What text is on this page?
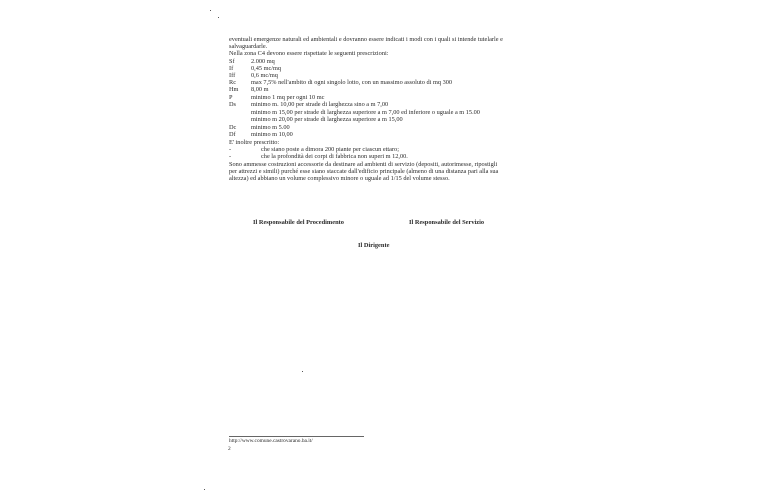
eventuali emergenze naturali ed ambientali e dovranno essere indicati i modi con i quali si intende tutelarle e
salvaguardarle.
Nella zona C4 devono essere rispettate le seguenti prescrizioni:
Sf	2.000 mq
If	0,45 mc/mq
Iff	0,6 mc/mq
Rc max 7,5% nell'ambito di ogni singolo lotto, con un massimo assoluto di mq 300
Hm 8,00 m
P	minimo 1 mq per ogni 10 mc
Ds minimo m. 10,00 per strade di larghezza sino a m 7,00
minimo m 15,00 per strade di larghezza superiore a m 7,00 ed inferiore o uguale a m 15.00
minimo m 20,00 per strade di larghezza superiore a m 15,00
Dc minimo m 5.00
Df minimo m 10,00
E' inoltre prescritto:
-	che siano poste a dimora 200 piante per ciascun ettaro;
-	che la profondità dei corpi di fabbrica non superi m 12,00.
Sono ammesse costruzioni accessorie da destinare ad ambienti di servizio (depositi, autorimesse, ripostigli
per attrezzi e simili) purché esse siano staccate dall'edificio principale (almeno di una distanza pari alla sua
altezza) ed abbiano un volume complessivo minore o uguale ad 1/15 del volume stesso.
Il Responsabile del Procedimento	Il Responsabile del Servizio
Il Dirigente
http://www.comune.castrovarano.ba.it/
2
